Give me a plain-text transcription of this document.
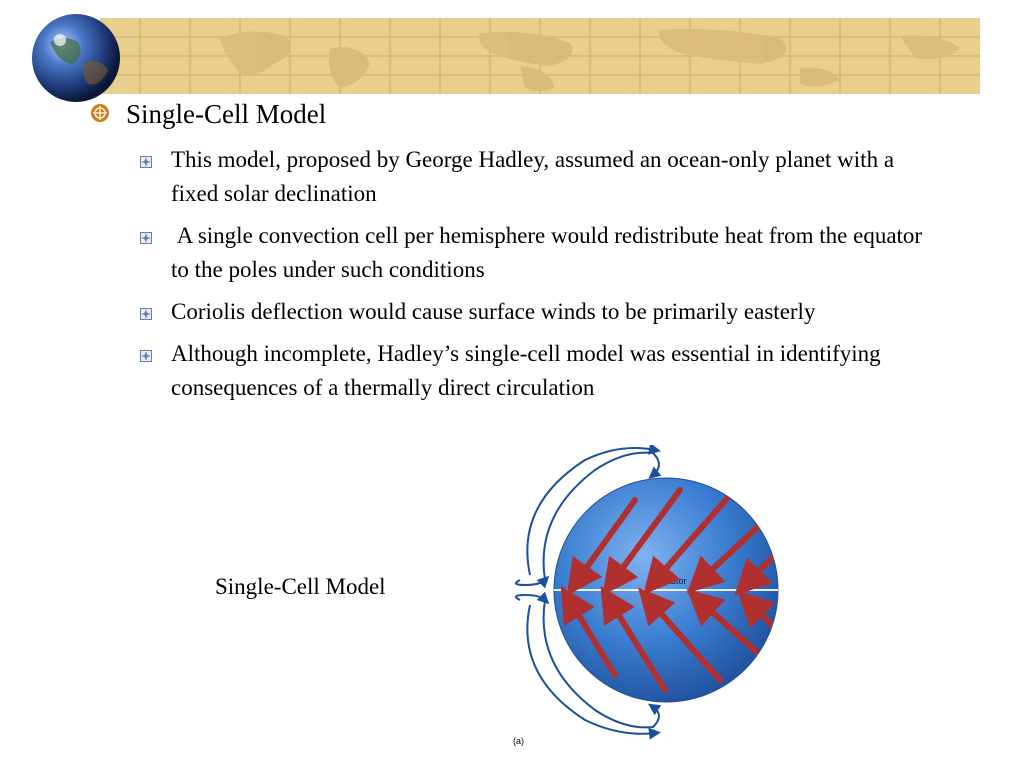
Single-Cell Model
This model, proposed by George Hadley, assumed an ocean-only planet with a fixed solar declination
A single convection cell per hemisphere would redistribute heat from the equator to the poles under such conditions
Coriolis deflection would cause surface winds to be primarily easterly
Although incomplete, Hadley’s single-cell model was essential in identifying consequences of a thermally direct circulation
Single-Cell Model	Equator
(a)
